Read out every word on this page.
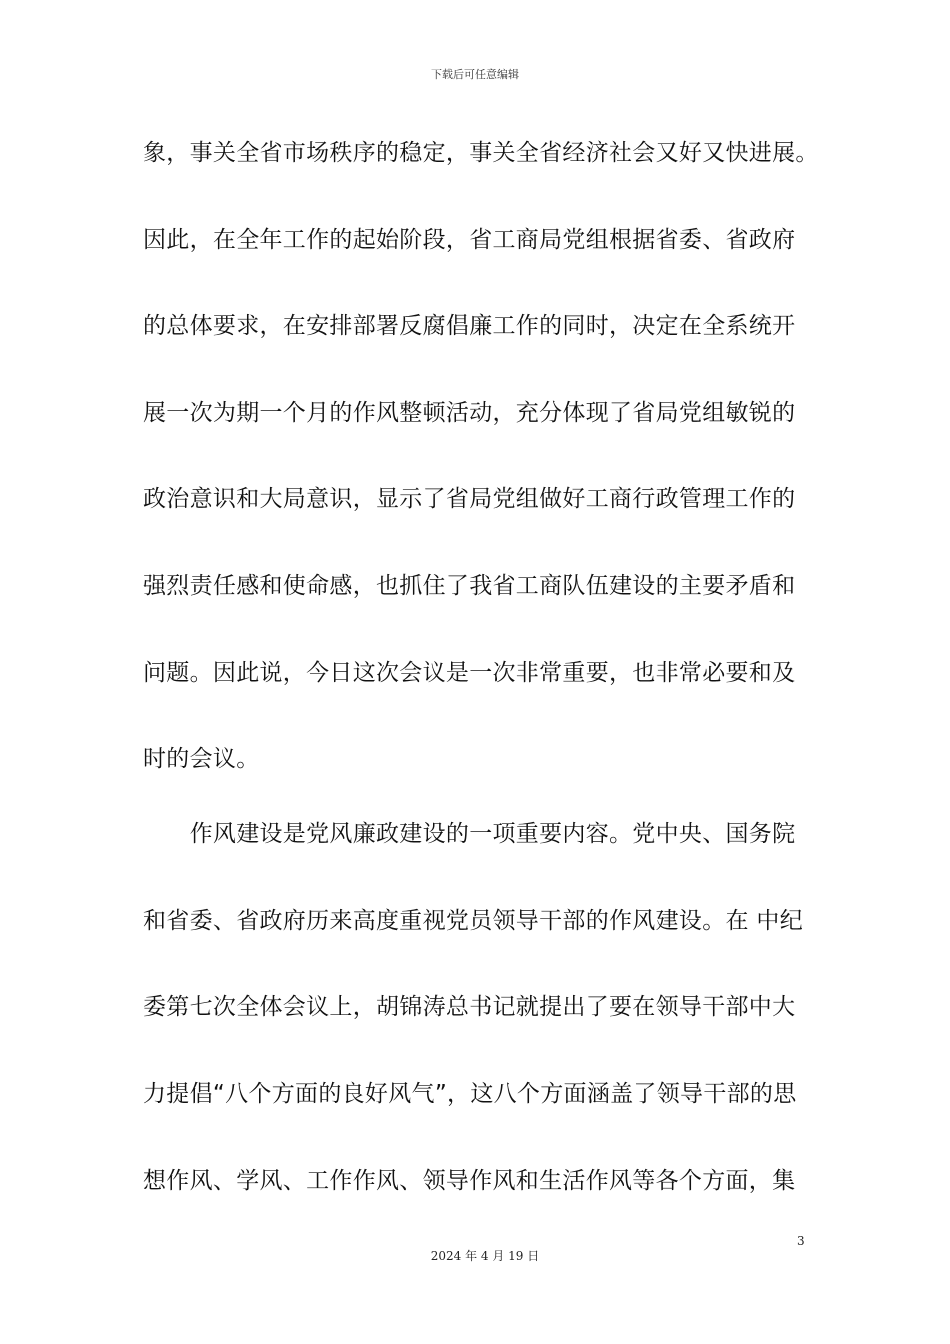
下载后可任意编辑
象，事关全省市场秩序的稳定，事关全省经济社会又好又快进展。
因此，在全年工作的起始阶段，省工商局党组根据省委、省政府
的总体要求，在安排部署反腐倡廉工作的同时，决定在全系统开
展一次为期一个月的作风整顿活动，充分体现了省局党组敏锐的
政治意识和大局意识，显示了省局党组做好工商行政管理工作的
强烈责任感和使命感，也抓住了我省工商队伍建设的主要矛盾和
问题。因此说，今日这次会议是一次非常重要，也非常必要和及
时的会议。
　　作风建设是党风廉政建设的一项重要内容。党中央、国务院
和省委、省政府历来高度重视党员领导干部的作风建设。在 中纪
委第七次全体会议上，胡锦涛总书记就提出了要在领导干部中大
力提倡“八个方面的良好风气”，这八个方面涵盖了领导干部的思
想作风、学风、工作作风、领导作风和生活作风等各个方面，集
3
2024 年 4 月 19 日
